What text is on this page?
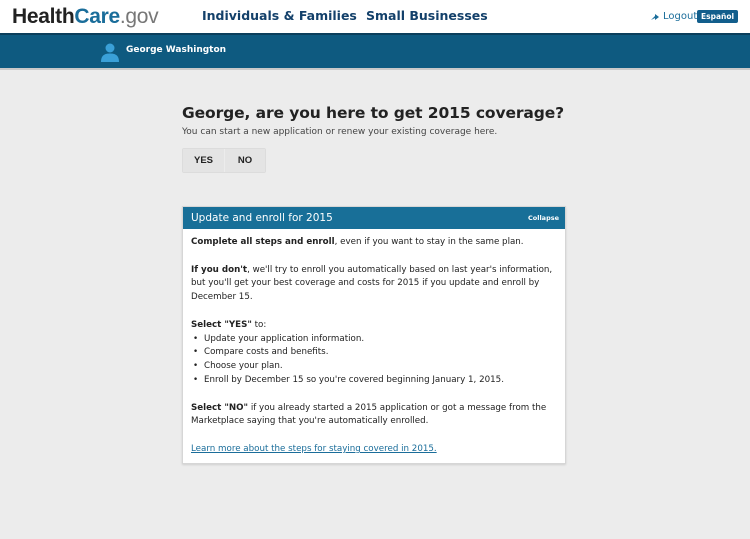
HealthCare.gov	Individuals & Families Small Businesses	Logout Español
George Washington
George, are you here to get 2015 coverage?

You can start a new application or renew your existing coverage here.

YES	NO
Update and enroll for 2015	Collapse

Complete all steps and enroll, even if you want to stay in the same plan.

If you don't, we'll try to enroll you automatically based on last year's information, but you'll get your best coverage and costs for 2015 if you update and enroll by December 15.

Select "YES" to:
• Update your application information.
• Compare costs and benefits.
• Choose your plan.
• Enroll by December 15 so you're covered beginning January 1, 2015.

Select "NO" if you already started a 2015 application or got a message from the Marketplace saying that you're automatically enrolled.

Learn more about the steps for staying covered in 2015.
